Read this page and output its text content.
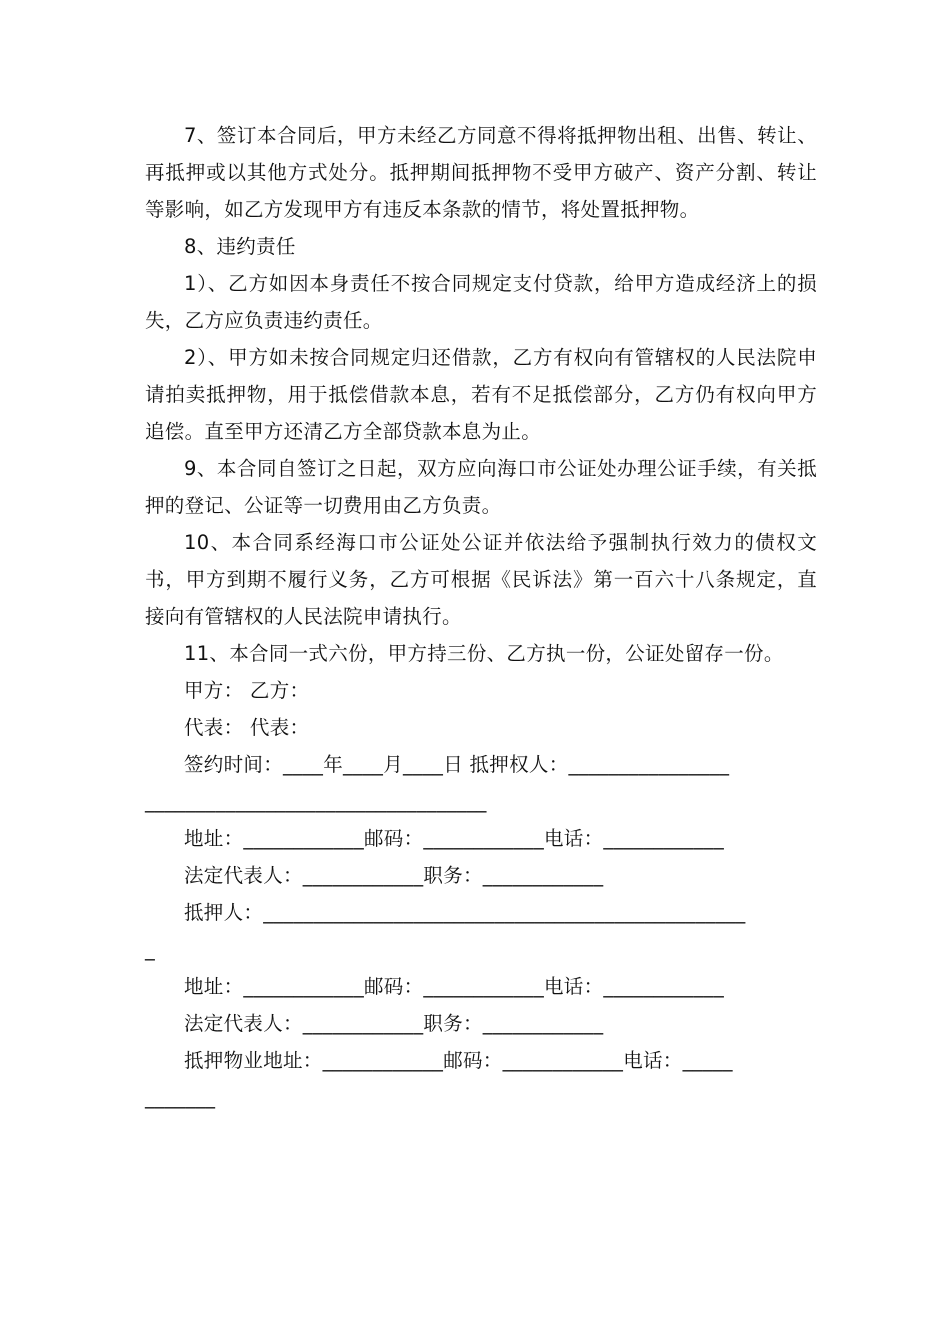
7、签订本合同后，甲方未经乙方同意不得将抵押物出租、出售、转让、再抵押或以其他方式处分。抵押期间抵押物不受甲方破产、资产分割、转让等影响，如乙方发现甲方有违反本条款的情节，将处置抵押物。

8、违约责任

1）、乙方如因本身责任不按合同规定支付贷款，给甲方造成经济上的损失，乙方应负责违约责任。

2）、甲方如未按合同规定归还借款，乙方有权向有管辖权的人民法院申请拍卖抵押物，用于抵偿借款本息，若有不足抵偿部分，乙方仍有权向甲方追偿。直至甲方还清乙方全部贷款本息为止。

9、本合同自签订之日起，双方应向海口市公证处办理公证手续，有关抵押的登记、公证等一切费用由乙方负责。

10、本合同系经海口市公证处公证并依法给予强制执行效力的债权文书，甲方到期不履行义务，乙方可根据《民诉法》第一百六十八条规定，直接向有管辖权的人民法院申请执行。

11、本合同一式六份，甲方持三份、乙方执一份，公证处留存一份。

甲方： 乙方：
代表： 代表：
签约时间：____年____月____日 抵押权人：________________
__________________________________
地址：____________邮码：____________电话：____________
法定代表人：____________职务：____________
抵押人：________________________________________________
_
地址：____________邮码：____________电话：____________
法定代表人：____________职务：____________
抵押物业地址：____________邮码：____________电话：_____
_______
